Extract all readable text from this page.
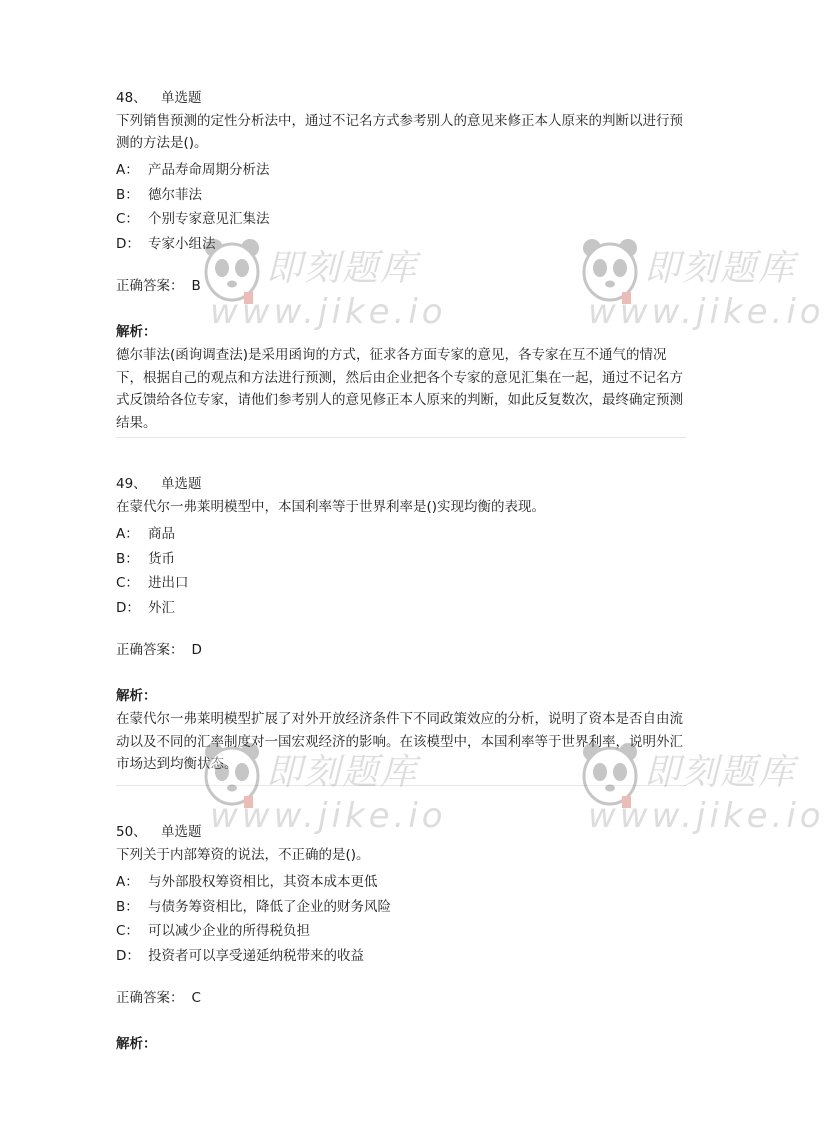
48、 单选题
下列销售预测的定性分析法中，通过不记名方式参考别人的意见来修正本人原来的判断以进行预测的方法是()。
A： 产品寿命周期分析法
B： 德尔菲法
C： 个别专家意见汇集法
D： 专家小组法
正确答案： B
解析：
德尔菲法(函询调查法)是采用函询的方式，征求各方面专家的意见，各专家在互不通气的情况下，根据自己的观点和方法进行预测，然后由企业把各个专家的意见汇集在一起，通过不记名方式反馈给各位专家，请他们参考别人的意见修正本人原来的判断，如此反复数次，最终确定预测结果。
49、 单选题
在蒙代尔一弗莱明模型中，本国利率等于世界利率是()实现均衡的表现。
A： 商品
B： 货币
C： 进出口
D： 外汇
正确答案： D
解析：
在蒙代尔一弗莱明模型扩展了对外开放经济条件下不同政策效应的分析，说明了资本是否自由流动以及不同的汇率制度对一国宏观经济的影响。在该模型中，本国利率等于世界利率，说明外汇市场达到均衡状态。
50、 单选题
下列关于内部筹资的说法，不正确的是()。
A： 与外部股权筹资相比，其资本成本更低
B： 与债务筹资相比，降低了企业的财务风险
C： 可以减少企业的所得税负担
D： 投资者可以享受递延纳税带来的收益
正确答案： C
解析：
即刻题库
www.jike.io
即刻题库
www.jike.io
即刻题库
www.jike.io
即刻题库
www.jike.io
